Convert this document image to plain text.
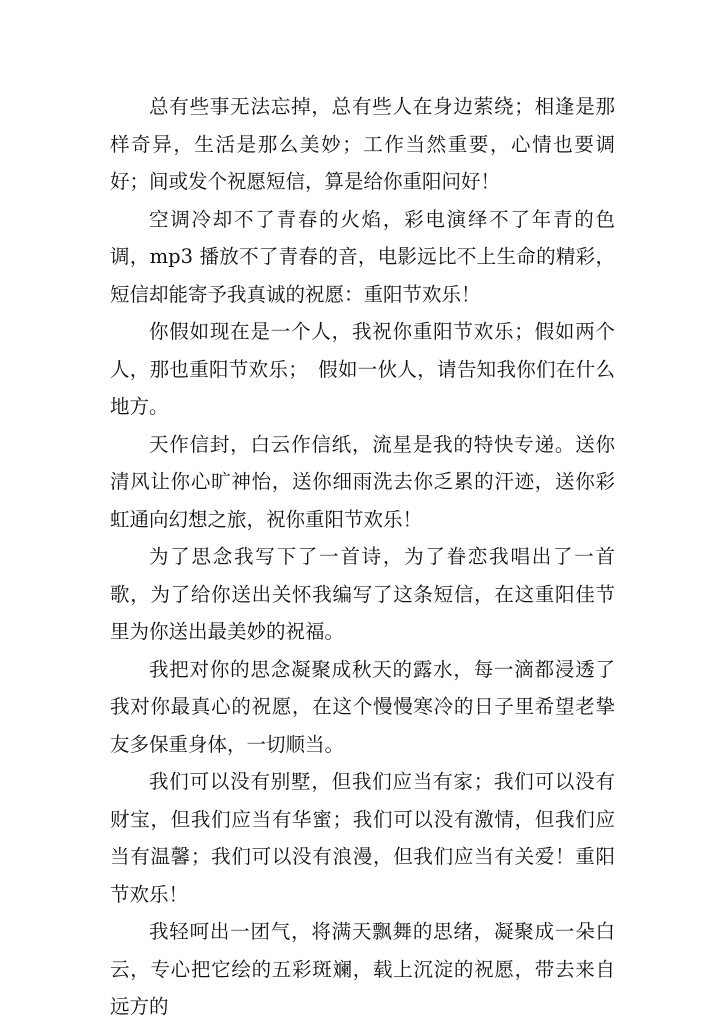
总有些事无法忘掉，总有些人在身边萦绕；相逢是那样奇异，生活是那么美妙；工作当然重要，心情也要调好；间或发个祝愿短信，算是给你重阳问好！

空调冷却不了青春的火焰，彩电演绎不了年青的色调，mp3 播放不了青春的音，电影远比不上生命的精彩，短信却能寄予我真诚的祝愿：重阳节欢乐！

你假如现在是一个人，我祝你重阳节欢乐；假如两个人，那也重阳节欢乐；　假如一伙人，请告知我你们在什么地方。

天作信封，白云作信纸，流星是我的特快专递。送你清风让你心旷神怡，送你细雨洗去你乏累的汗迹，送你彩虹通向幻想之旅，祝你重阳节欢乐！

为了思念我写下了一首诗，为了眷恋我唱出了一首歌，为了给你送出关怀我编写了这条短信，在这重阳佳节里为你送出最美妙的祝福。

我把对你的思念凝聚成秋天的露水，每一滴都浸透了我对你最真心的祝愿，在这个慢慢寒冷的日子里希望老挚友多保重身体，一切顺当。

我们可以没有别墅，但我们应当有家；我们可以没有财宝，但我们应当有华蜜；我们可以没有激情，但我们应当有温馨；我们可以没有浪漫，但我们应当有关爱！重阳节欢乐！

我轻呵出一团气，将满天飘舞的思绪，凝聚成一朵白云，专心把它绘的五彩斑斓，载上沉淀的祝愿，带去来自远方的
